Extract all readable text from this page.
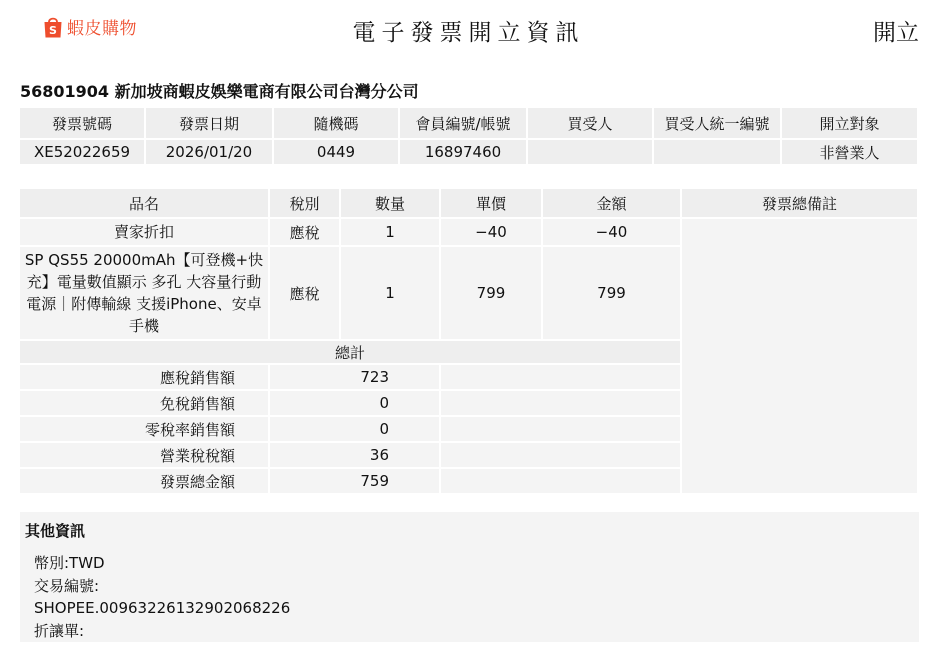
S 蝦皮購物	電子發票開立資訊	開立
56801904 新加坡商蝦皮娛樂電商有限公司台灣分公司
發票號碼	發票日期	隨機碼	會員編號/帳號	買受人	買受人統一編號	開立對象
XE52022659	2026/01/20	0449	16897460			非營業人
品名	稅別	數量	單價	金額	發票總備註
賣家折扣	應稅	1	−40	−40	
SP QS55 20000mAh【可登機+快充】電量數值顯示 多孔 大容量行動電源｜附傳輸線 支援iPhone、安卓手機	應稅	1	799	799	
總計					
應稅銷售額	723				
免稅銷售額	0				
零稅率銷售額	0				
營業稅稅額	36				
發票總金額	759				
其他資訊
幣別:TWD
交易編號:
SHOPEE.00963226132902068226
折讓單:
